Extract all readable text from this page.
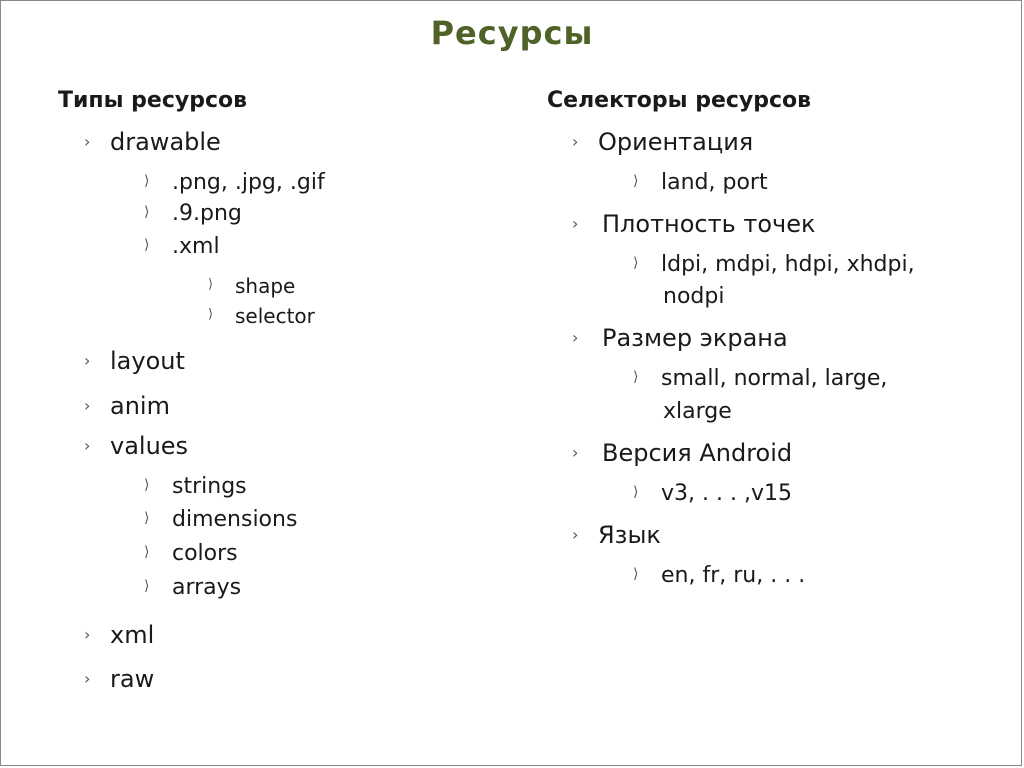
Ресурсы
Типы ресурсов
› drawable
⟩ .png, .jpg, .gif
⟩ .9.png
⟩ .xml
⟩ shape
⟩ selector
› layout
› anim
› values
⟩ strings
⟩ dimensions
⟩ colors
⟩ arrays
› xml
› raw
Селекторы ресурсов
› Ориентация
⟩ land, port
› Плотность точек
⟩ ldpi, mdpi, hdpi, xhdpi,
nodpi
› Размер экрана
⟩ small, normal, large,
xlarge
› Версия Android
⟩ v3, . . . ,v15
› Язык
⟩ en, fr, ru, . . .
